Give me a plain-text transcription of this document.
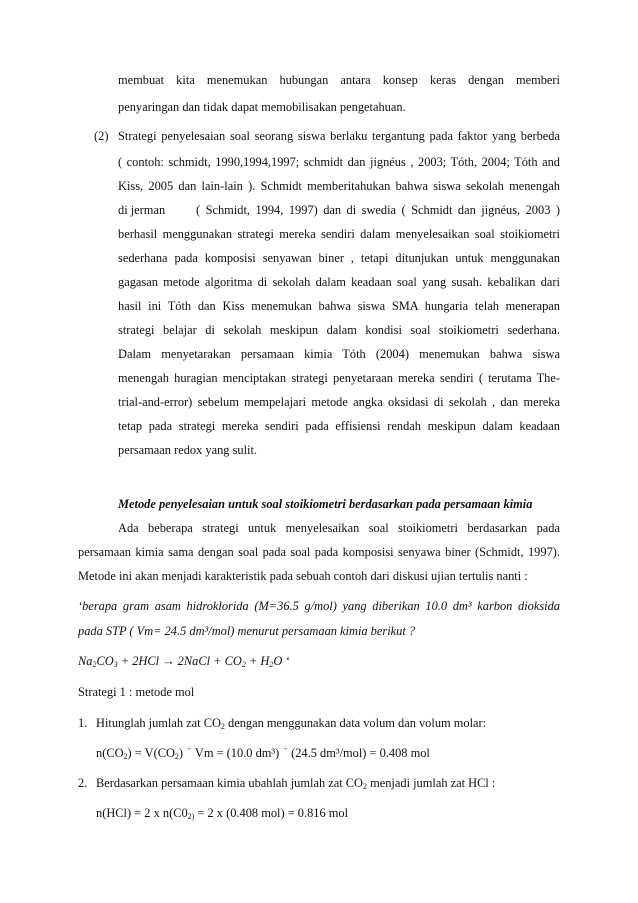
membuat kita menemukan hubungan antara konsep keras dengan memberi
penyaringan dan tidak dapat memobilisakan pengetahuan.
(2) Strategi penyelesaian soal seorang siswa berlaku tergantung pada faktor yang berbeda
( contoh: schmidt, 1990,1994,1997; schmidt dan jignéus , 2003; Tóth, 2004; Tóth and
Kiss, 2005 dan lain-lain ). Schmidt memberitahukan bahwa siswa sekolah menengah
di jerman ( Schmidt, 1994, 1997) dan di swedia ( Schmidt dan jignéus, 2003 )
berhasil menggunakan strategi mereka sendiri dalam menyelesaikan soal stoikiometri
sederhana pada komposisi senyawan biner , tetapi ditunjukan untuk menggunakan
gagasan metode algoritma di sekolah dalam keadaan soal yang susah. kebalikan dari
hasil ini Tóth dan Kiss menemukan bahwa siswa SMA hungaria telah menerapan
strategi belajar di sekolah meskipun dalam kondisi soal stoikiometri sederhana.
Dalam menyetarakan persamaan kimia Tóth (2004) menemukan bahwa siswa
menengah huragian menciptakan strategi penyetaraan mereka sendiri ( terutama The-
trial-and-error) sebelum mempelajari metode angka oksidasi di sekolah , dan mereka
tetap pada strategi mereka sendiri pada effisiensi rendah meskipun dalam keadaan
persamaan redox yang sulit.
Metode penyelesaian untuk soal stoikiometri berdasarkan pada persamaan kimia
Ada beberapa strategi untuk menyelesaikan soal stoikiometri berdasarkan pada
persamaan kimia sama dengan soal pada soal pada komposisi senyawa biner (Schmidt, 1997).
Metode ini akan menjadi karakteristik pada sebuah contoh dari diskusi ujian tertulis nanti :
‘berapa gram asam hidroklorida (M=36.5 g/mol) yang diberikan 10.0 dm³ karbon dioksida
pada STP ( Vm= 24.5 dm³/mol) menurut persamaan kimia berikut ?
$Na_2CO_3 + 2HCl$ → 2NaCl + $CO_2 + H_2O$ ‘
Strategi 1 : metode mol
1. Hitunglah jumlah zat $CO_2$ dengan menggunakan data volum dan volum molar:
$n(CO_2) = V(CO_2)$ ÷ Vm = (10.0 dm³) ÷ (24.5 dm³/mol) = 0.408 mol
2. Berdasarkan persamaan kimia ubahlah jumlah zat $CO_2$ menjadi jumlah zat HCl :
n(HCl) = 2 x $n(C0_{2)} = 2$ x (0.408 mol) = 0.816 mol
